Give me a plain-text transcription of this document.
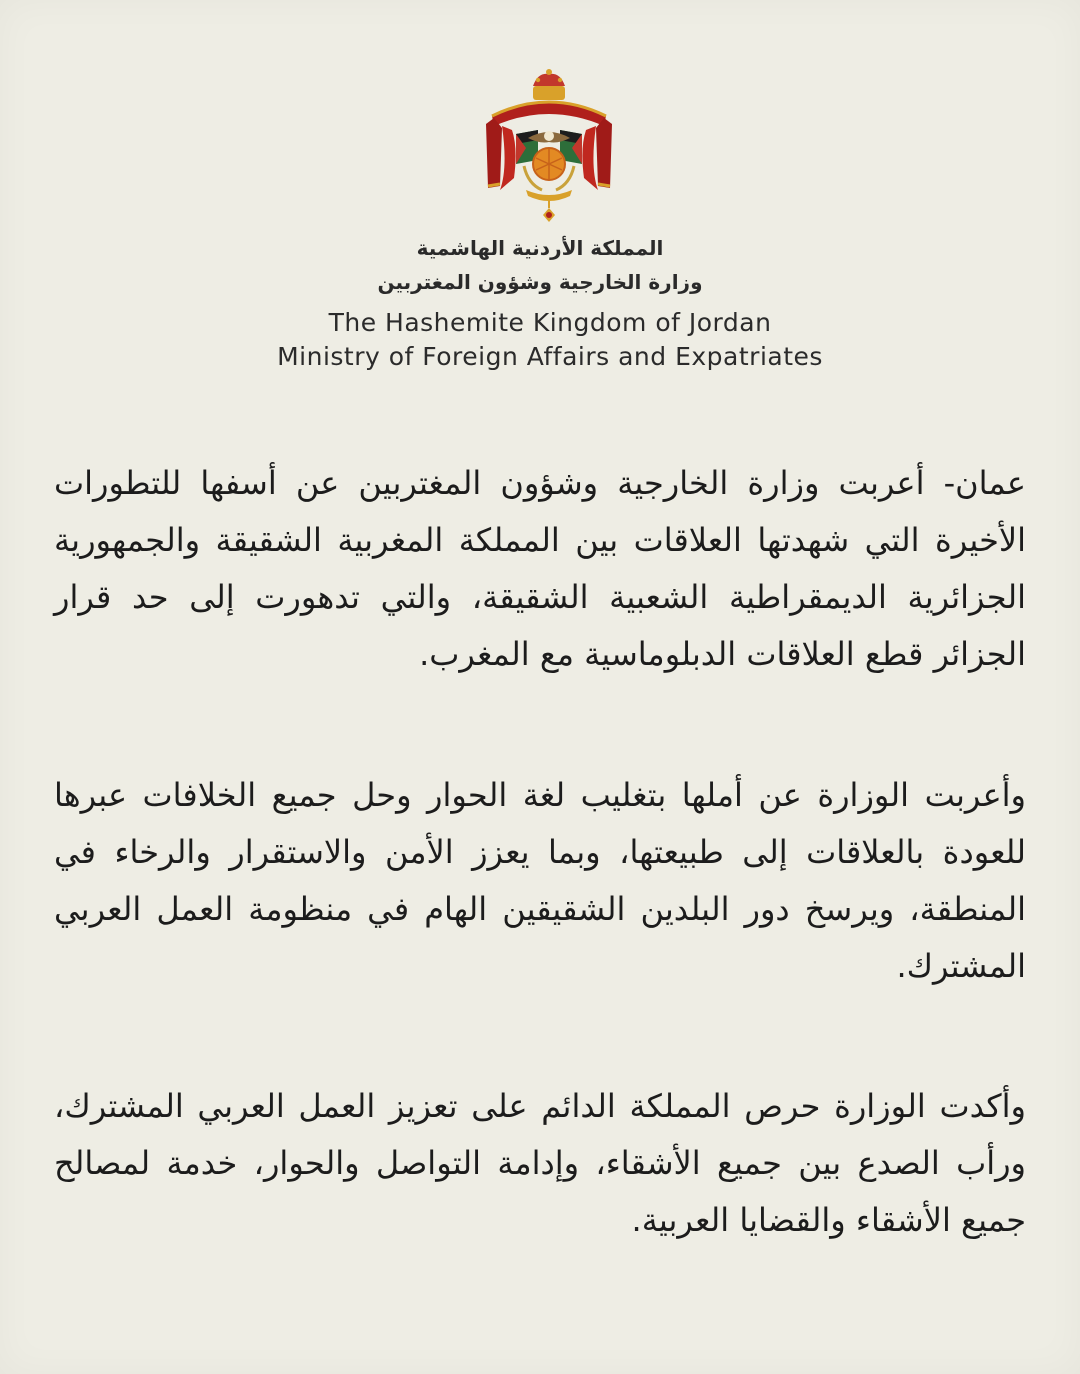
المملكة الأردنية الهاشمية
وزارة الخارجية وشؤون المغتربين
The Hashemite Kingdom of Jordan
Ministry of Foreign Affairs and Expatriates

عمان- أعربت وزارة الخارجية وشؤون المغتربين عن أسفها للتطورات الأخيرة التي شهدتها العلاقات بين المملكة المغربية الشقيقة والجمهورية الجزائرية الديمقراطية الشعبية الشقيقة، والتي تدهورت إلى حد قرار الجزائر قطع العلاقات الدبلوماسية مع المغرب.

وأعربت الوزارة عن أملها بتغليب لغة الحوار وحل جميع الخلافات عبرها للعودة بالعلاقات إلى طبيعتها، وبما يعزز الأمن والاستقرار والرخاء في المنطقة، ويرسخ دور البلدين الشقيقين الهام في منظومة العمل العربي المشترك.

وأكدت الوزارة حرص المملكة الدائم على تعزيز العمل العربي المشترك، ورأب الصدع بين جميع الأشقاء، وإدامة التواصل والحوار، خدمة لمصالح جميع الأشقاء والقضايا العربية.
